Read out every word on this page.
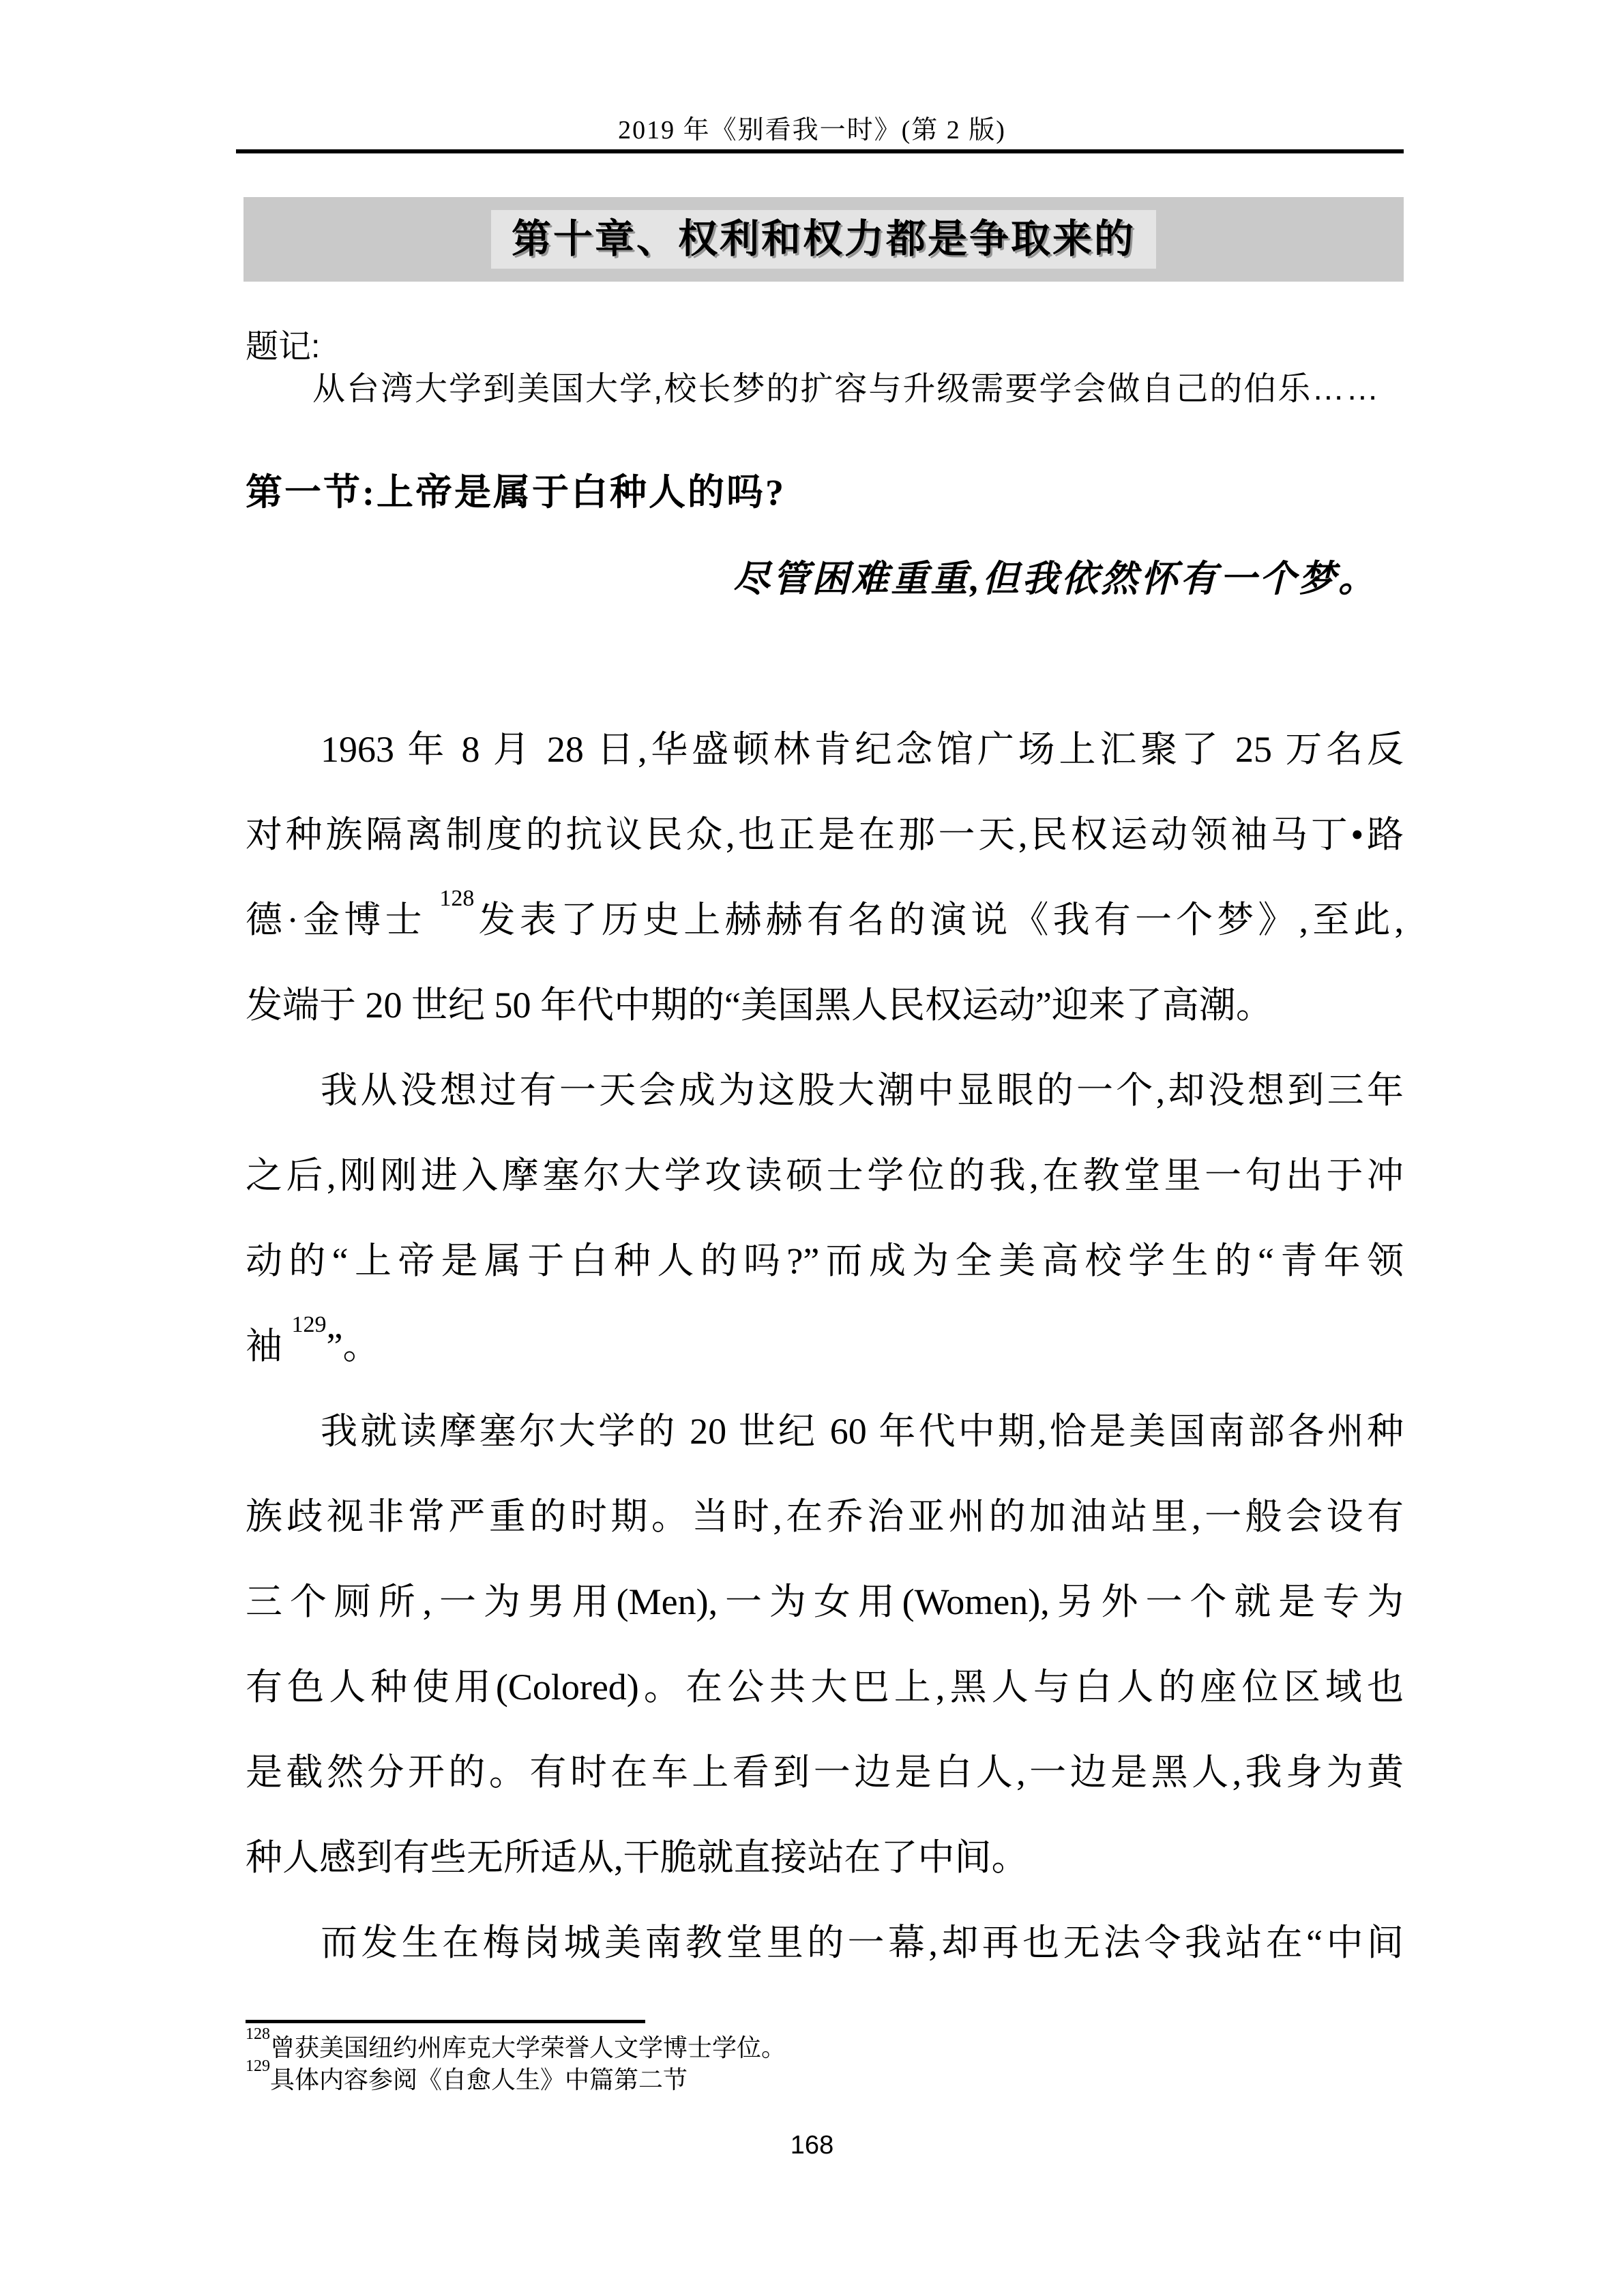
2019 年《别看我一时》(第 2 版)
第十章、权利和权力都是争取来的
题记:
从台湾大学到美国大学,校长梦的扩容与升级需要学会做自己的伯乐……
第一节:上帝是属于白种人的吗?
尽管困难重重,但我依然怀有一个梦。
1963 年 8 月 28 日,华盛顿林肯纪念馆广场上汇聚了 25 万名反
对种族隔离制度的抗议民众,也正是在那一天,民权运动领袖马丁•路
德·金博士 $^{128}$发表了历史上赫赫有名的演说《我有一个梦》,至此,
发端于 20 世纪 50 年代中期的“美国黑人民权运动”迎来了高潮。
我从没想过有一天会成为这股大潮中显眼的一个,却没想到三年
之后,刚刚进入摩塞尔大学攻读硕士学位的我,在教堂里一句出于冲
动的“上帝是属于白种人的吗?”而成为全美高校学生的“青年领
袖 $^{129}$”。
我就读摩塞尔大学的 20 世纪 60 年代中期,恰是美国南部各州种
族歧视非常严重的时期。当时,在乔治亚州的加油站里,一般会设有
三个厕所,一为男用(Men),一为女用(Women),另外一个就是专为
有色人种使用(Colored)。在公共大巴上,黑人与白人的座位区域也
是截然分开的。有时在车上看到一边是白人,一边是黑人,我身为黄
种人感到有些无所适从,干脆就直接站在了中间。
而发生在梅岗城美南教堂里的一幕,却再也无法令我站在“中间
$^{128}$曾获美国纽约州库克大学荣誉人文学博士学位。
$^{129}$具体内容参阅《自愈人生》中篇第二节
168
